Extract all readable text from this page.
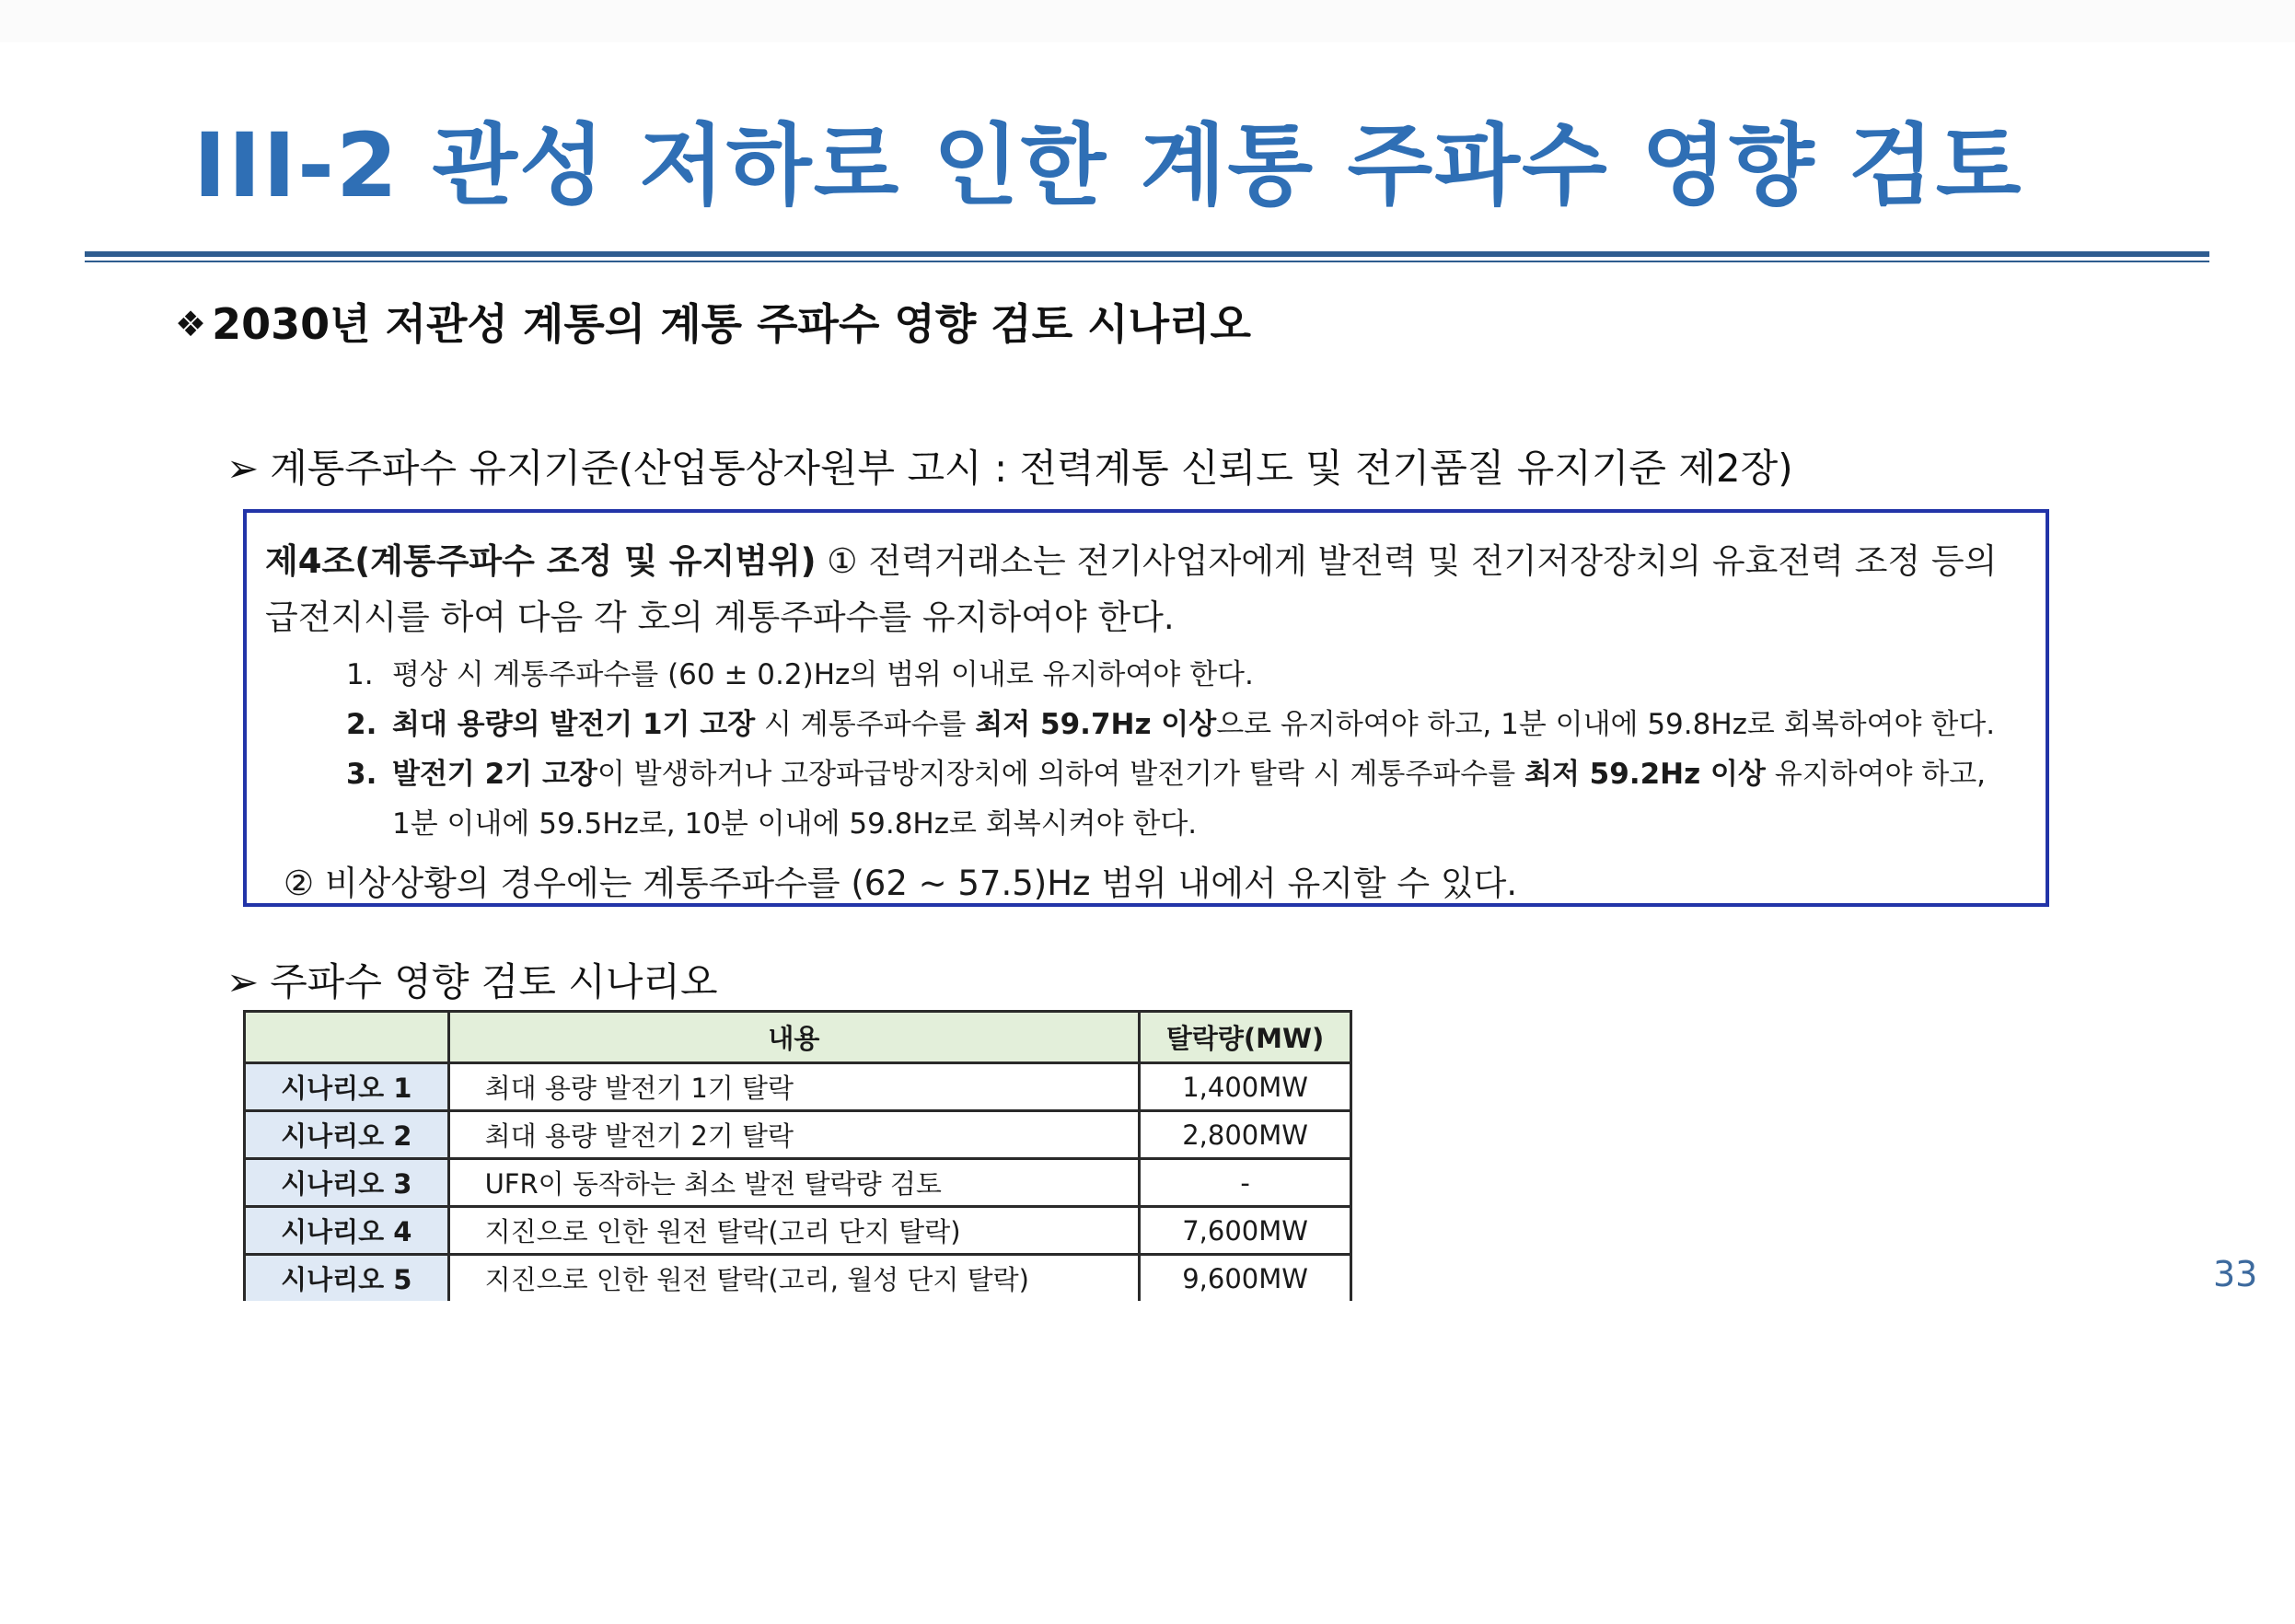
III-2 관성 저하로 인한 계통 주파수 영향 검토
❖ 2030년 저관성 계통의 계통 주파수 영향 검토 시나리오
➢ 계통주파수 유지기준(산업통상자원부 고시 : 전력계통 신뢰도 및 전기품질 유지기준 제2장)
제4조(계통주파수 조정 및 유지범위) ① 전력거래소는 전기사업자에게 발전력 및 전기저장장치의 유효전력 조정 등의
급전지시를 하여 다음 각 호의 계통주파수를 유지하여야 한다.
1. 평상 시 계통주파수를 (60 ± 0.2)Hz의 범위 이내로 유지하여야 한다.
2. 최대 용량의 발전기 1기 고장 시 계통주파수를 최저 59.7Hz 이상으로 유지하여야 하고, 1분 이내에 59.8Hz로 회복하여야 한다.
3. 발전기 2기 고장이 발생하거나 고장파급방지장치에 의하여 발전기가 탈락 시 계통주파수를 최저 59.2Hz 이상 유지하여야 하고,
1분 이내에 59.5Hz로, 10분 이내에 59.8Hz로 회복시켜야 한다.
② 비상상황의 경우에는 계통주파수를 (62 ~ 57.5)Hz 범위 내에서 유지할 수 있다.
➢ 주파수 영향 검토 시나리오
	내용	탈락량(MW)
시나리오 1	최대 용량 발전기 1기 탈락	1,400MW
시나리오 2	최대 용량 발전기 2기 탈락	2,800MW
시나리오 3	UFR이 동작하는 최소 발전 탈락량 검토	-
시나리오 4	지진으로 인한 원전 탈락(고리 단지 탈락)	7,600MW
시나리오 5	지진으로 인한 원전 탈락(고리, 월성 단지 탈락)	9,600MW	33
